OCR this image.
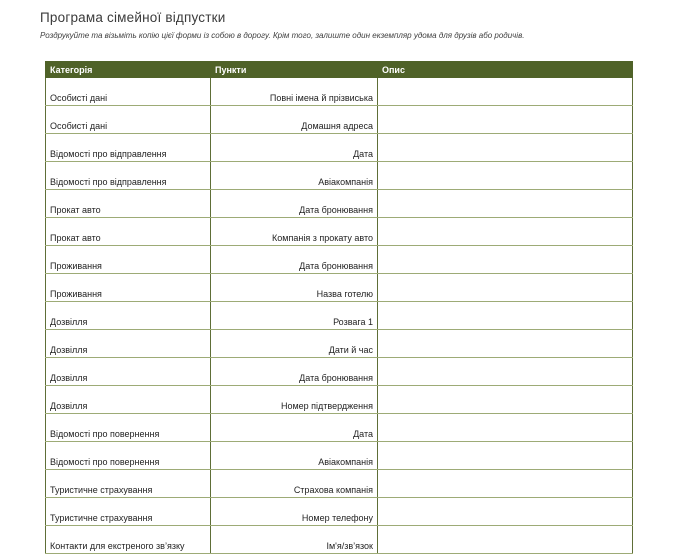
Програма сімейної відпустки

Роздрукуйте та візьміть копію цієї форми із собою в дорогу. Крім того, залиште один екземпляр удома для друзів або родичів.

Категорія	Пункти	Опис
Особисті дані	Повні імена й прізвиська	
Особисті дані	Домашня адреса	
Відомості про відправлення	Дата	
Відомості про відправлення	Авіакомпанія	
Прокат авто	Дата бронювання	
Прокат авто	Компанія з прокату авто	
Проживання	Дата бронювання	
Проживання	Назва готелю	
Дозвілля	Розвага 1	
Дозвілля	Дати й час	
Дозвілля	Дата бронювання	
Дозвілля	Номер підтвердження	
Відомості про повернення	Дата	
Відомості про повернення	Авіакомпанія	
Туристичне страхування	Страхова компанія	
Туристичне страхування	Номер телефону	
Контакти для екстреного зв’язку	Ім'я/зв’язок	
